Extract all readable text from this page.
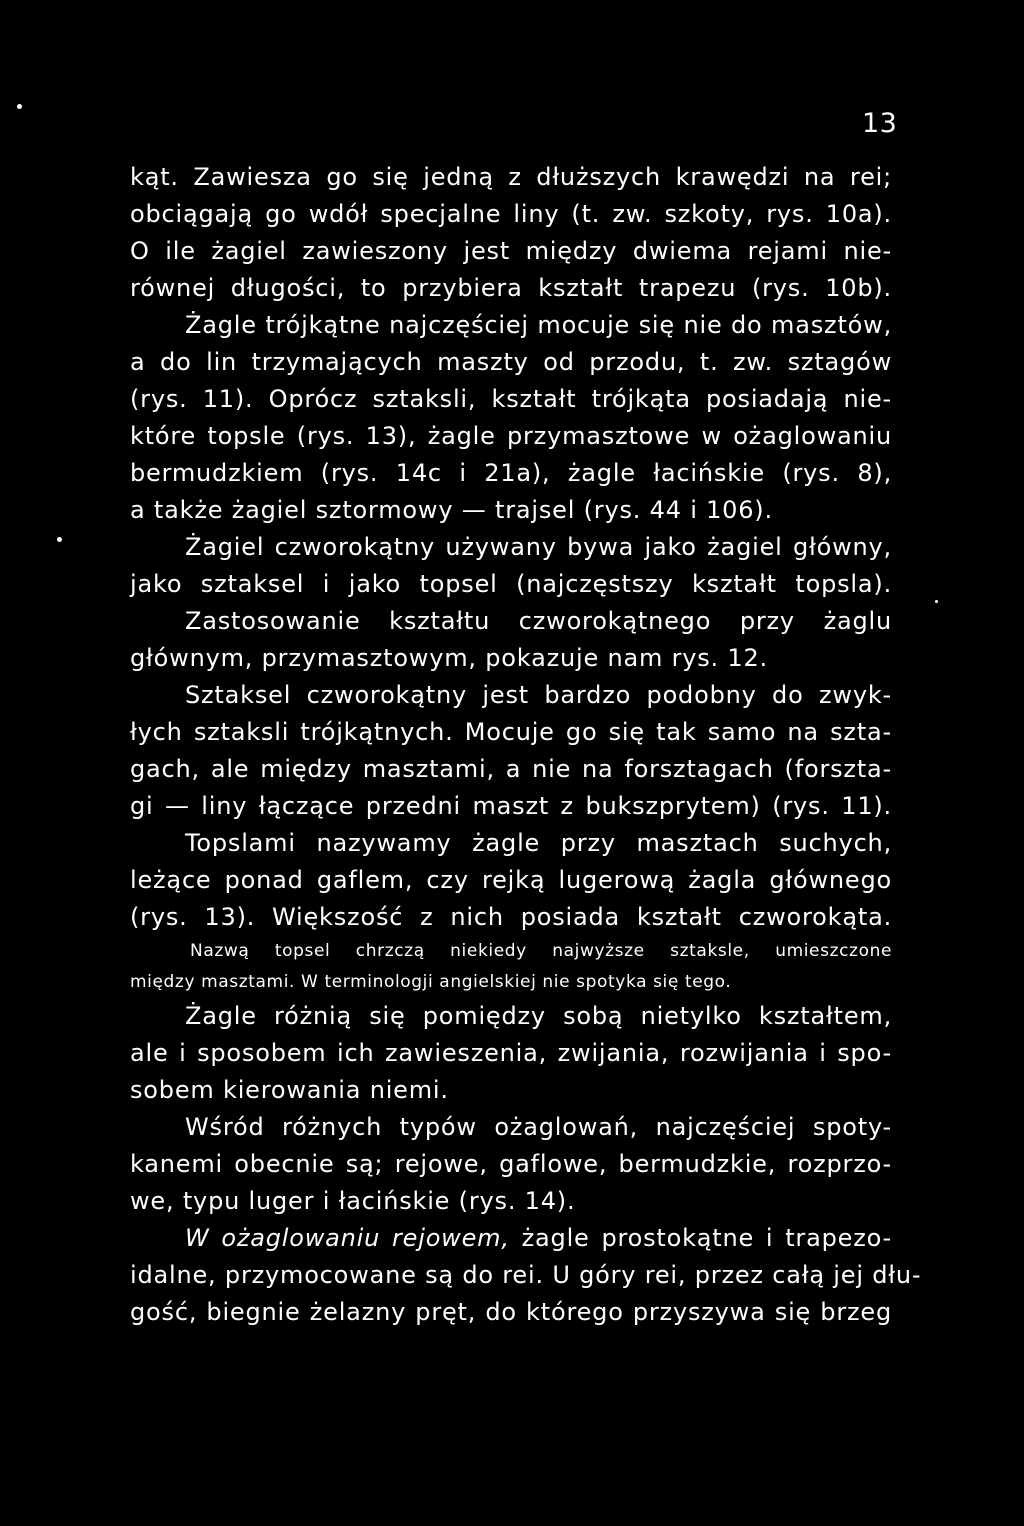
13
kąt. Zawiesza go się jedną z dłuższych krawędzi na rei;
obciągają go wdół specjalne liny (t. zw. szkoty, rys. 10a).
O ile żagiel zawieszony jest między dwiema rejami nie-
równej długości, to przybiera kształt trapezu (rys. 10b).
Żagle trójkątne najczęściej mocuje się nie do masztów,
a do lin trzymających maszty od przodu, t. zw. sztagów
(rys. 11). Oprócz sztaksli, kształt trójkąta posiadają nie-
które topsle (rys. 13), żagle przymasztowe w ożaglowaniu
bermudzkiem (rys. 14c i 21a), żagle łacińskie (rys. 8),
a także żagiel sztormowy — trajsel (rys. 44 i 106).
Żagiel czworokątny używany bywa jako żagiel główny,
jako sztaksel i jako topsel (najczęstszy kształt topsla).
Zastosowanie kształtu czworokątnego przy żaglu
głównym, przymasztowym, pokazuje nam rys. 12.
Sztaksel czworokątny jest bardzo podobny do zwyk-
łych sztaksli trójkątnych. Mocuje go się tak samo na szta-
gach, ale między masztami, a nie na forsztagach (forszta-
gi — liny łączące przedni maszt z bukszprytem) (rys. 11).
Topslami nazywamy żagle przy masztach suchych,
leżące ponad gaflem, czy rejką lugerową żagla głównego
(rys. 13). Większość z nich posiada kształt czworokąta.
Nazwą topsel chrzczą niekiedy najwyższe sztaksle, umieszczone
między masztami. W terminologji angielskiej nie spotyka się tego.
Żagle różnią się pomiędzy sobą nietylko kształtem,
ale i sposobem ich zawieszenia, zwijania, rozwijania i spo-
sobem kierowania niemi.
Wśród różnych typów ożaglowań, najczęściej spoty-
kanemi obecnie są; rejowe, gaflowe, bermudzkie, rozprzo-
we, typu luger i łacińskie (rys. 14).
W ożaglowaniu rejowem, żagle prostokątne i trapezo-
idalne, przymocowane są do rei. U góry rei, przez całą jej dłu-
gość, biegnie żelazny pręt, do którego przyszywa się brzeg
